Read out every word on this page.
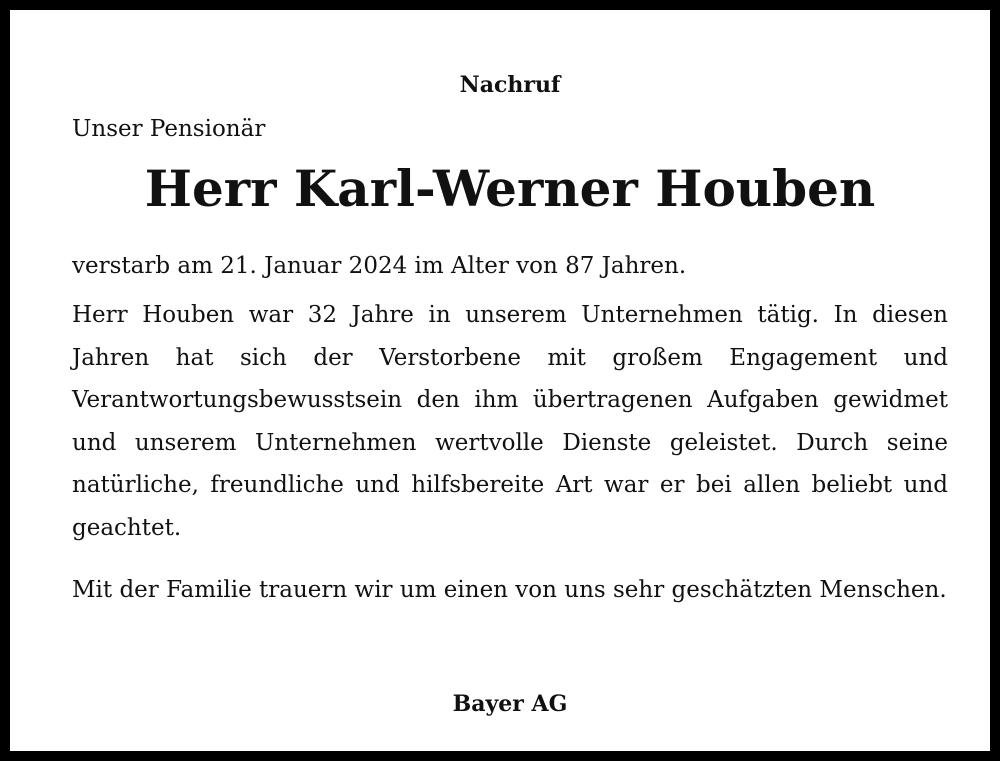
Nachruf
Unser Pensionär
Herr Karl-Werner Houben
verstarb am 21. Januar 2024 im Alter von 87 Jahren.
Herr Houben war 32 Jahre in unserem Unternehmen tätig. In diesen Jahren hat sich der Verstorbene mit großem Engagement und Verantwortungsbewusstsein den ihm übertragenen Aufgaben gewidmet und unserem Unternehmen wertvolle Dienste geleistet. Durch seine natürliche, freundliche und hilfsbereite Art war er bei allen beliebt und geachtet.
Mit der Familie trauern wir um einen von uns sehr geschätzten Menschen.
Bayer AG
